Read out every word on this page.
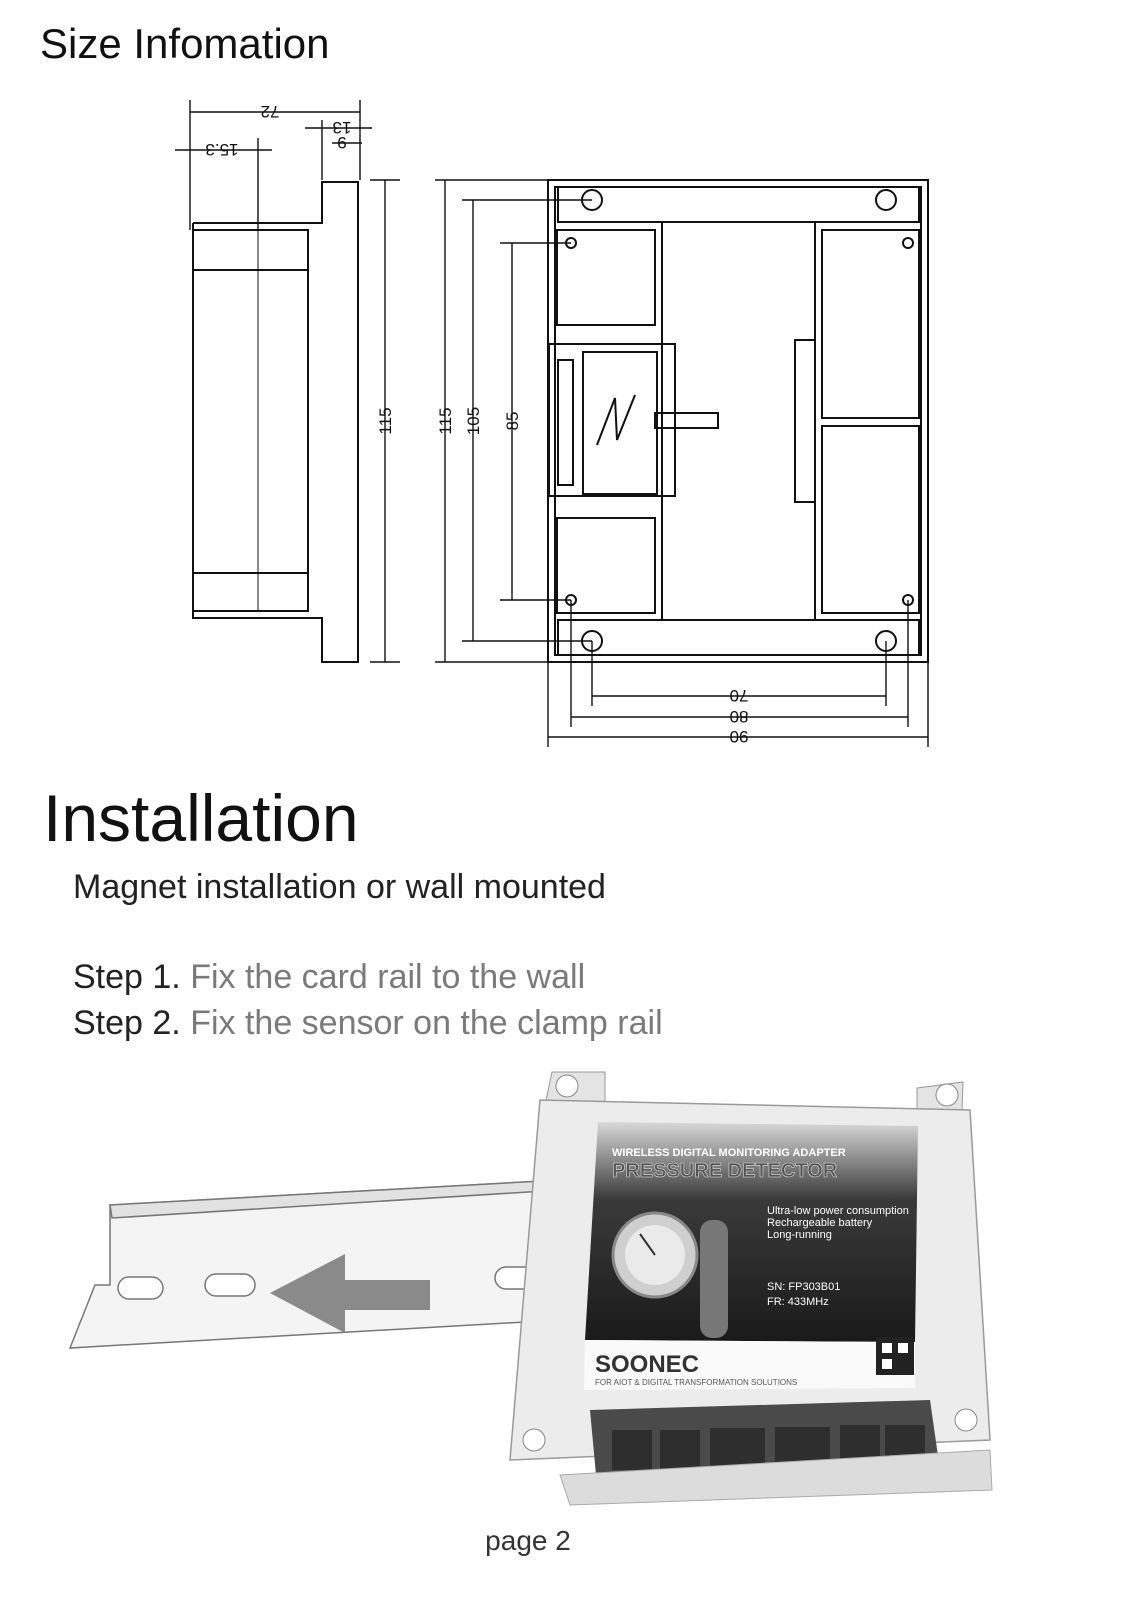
Size Infomation
72
15.3
13
9
115 115 105 85
70
80
90
Installation
Magnet installation or wall mounted
Step 1. Fix the card rail to the wall
Step 2. Fix the sensor on the clamp rail
WIRELESS DIGITAL MONITORING ADAPTER
PRESSURE DETECTOR
Ultra-low power consumption
Rechargeable battery
Long-running
SN: FP303B01
FR: 433MHz
SOONEC
FOR AIOT & DIGITAL TRANSFORMATION SOLUTIONS
page 2
